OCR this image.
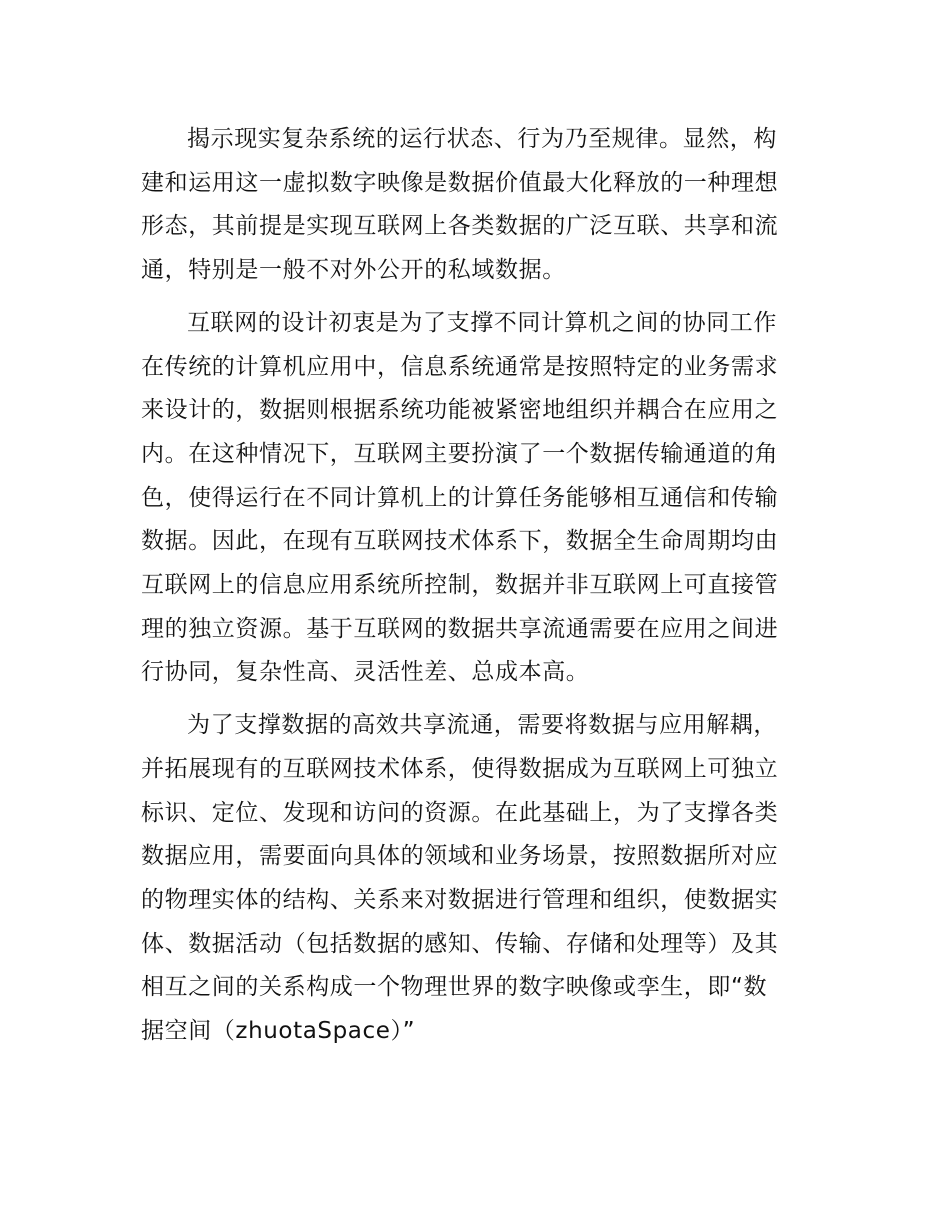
揭示现实复杂系统的运行状态、行为乃至规律。显然，构
建和运用这一虚拟数字映像是数据价值最大化释放的一种理想
形态，其前提是实现互联网上各类数据的广泛互联、共享和流
通，特别是一般不对外公开的私域数据。

互联网的设计初衷是为了支撑不同计算机之间的协同工作
在传统的计算机应用中，信息系统通常是按照特定的业务需求
来设计的，数据则根据系统功能被紧密地组织并耦合在应用之
内。在这种情况下，互联网主要扮演了一个数据传输通道的角
色，使得运行在不同计算机上的计算任务能够相互通信和传输
数据。因此，在现有互联网技术体系下，数据全生命周期均由
互联网上的信息应用系统所控制，数据并非互联网上可直接管
理的独立资源。基于互联网的数据共享流通需要在应用之间进
行协同，复杂性高、灵活性差、总成本高。

为了支撑数据的高效共享流通，需要将数据与应用解耦，
并拓展现有的互联网技术体系，使得数据成为互联网上可独立
标识、定位、发现和访问的资源。在此基础上，为了支撑各类
数据应用，需要面向具体的领域和业务场景，按照数据所对应
的物理实体的结构、关系来对数据进行管理和组织，使数据实
体、数据活动（包括数据的感知、传输、存储和处理等）及其
相互之间的关系构成一个物理世界的数字映像或孪生，即“数
据空间（zhuotaSpace）”
